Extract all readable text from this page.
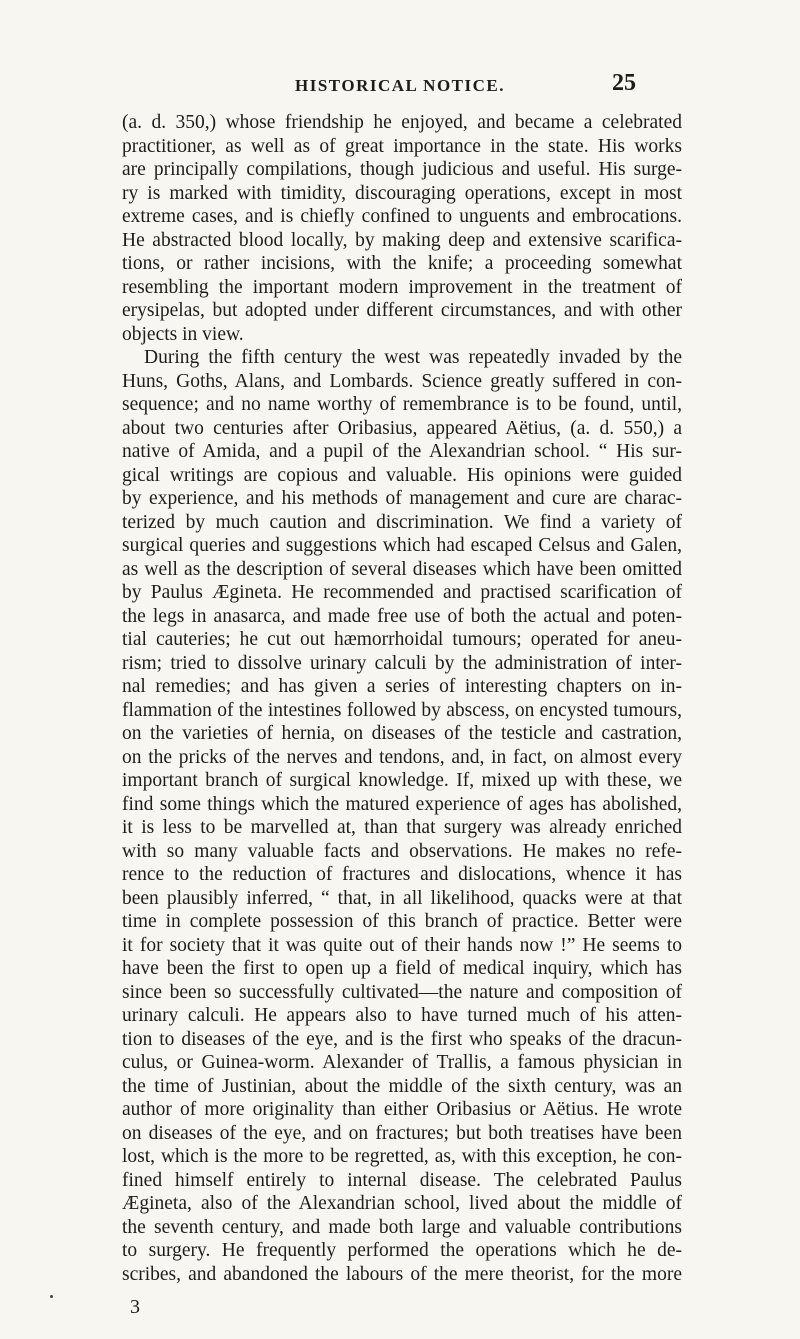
HISTORICAL NOTICE.	25
(a. d. 350,) whose friendship he enjoyed, and became a celebrated
practitioner, as well as of great importance in the state. His works
are principally compilations, though judicious and useful. His surge-
ry is marked with timidity, discouraging operations, except in most
extreme cases, and is chiefly confined to unguents and embrocations.
He abstracted blood locally, by making deep and extensive scarifica-
tions, or rather incisions, with the knife; a proceeding somewhat
resembling the important modern improvement in the treatment of
erysipelas, but adopted under different circumstances, and with other
objects in view.
During the fifth century the west was repeatedly invaded by the
Huns, Goths, Alans, and Lombards. Science greatly suffered in con-
sequence; and no name worthy of remembrance is to be found, until,
about two centuries after Oribasius, appeared Aëtius, (a. d. 550,) a
native of Amida, and a pupil of the Alexandrian school. “ His sur-
gical writings are copious and valuable. His opinions were guided
by experience, and his methods of management and cure are charac-
terized by much caution and discrimination. We find a variety of
surgical queries and suggestions which had escaped Celsus and Galen,
as well as the description of several diseases which have been omitted
by Paulus Ægineta. He recommended and practised scarification of
the legs in anasarca, and made free use of both the actual and poten-
tial cauteries; he cut out hæmorrhoidal tumours; operated for aneu-
rism; tried to dissolve urinary calculi by the administration of inter-
nal remedies; and has given a series of interesting chapters on in-
flammation of the intestines followed by abscess, on encysted tumours,
on the varieties of hernia, on diseases of the testicle and castration,
on the pricks of the nerves and tendons, and, in fact, on almost every
important branch of surgical knowledge. If, mixed up with these, we
find some things which the matured experience of ages has abolished,
it is less to be marvelled at, than that surgery was already enriched
with so many valuable facts and observations. He makes no refe-
rence to the reduction of fractures and dislocations, whence it has
been plausibly inferred, “ that, in all likelihood, quacks were at that
time in complete possession of this branch of practice. Better were
it for society that it was quite out of their hands now !” He seems to
have been the first to open up a field of medical inquiry, which has
since been so successfully cultivated—the nature and composition of
urinary calculi. He appears also to have turned much of his atten-
tion to diseases of the eye, and is the first who speaks of the dracun-
culus, or Guinea-worm. Alexander of Trallis, a famous physician in
the time of Justinian, about the middle of the sixth century, was an
author of more originality than either Oribasius or Aëtius. He wrote
on diseases of the eye, and on fractures; but both treatises have been
lost, which is the more to be regretted, as, with this exception, he con-
fined himself entirely to internal disease. The celebrated Paulus
Ægineta, also of the Alexandrian school, lived about the middle of
the seventh century, and made both large and valuable contributions
to surgery. He frequently performed the operations which he de-
scribes, and abandoned the labours of the mere theorist, for the more
3
